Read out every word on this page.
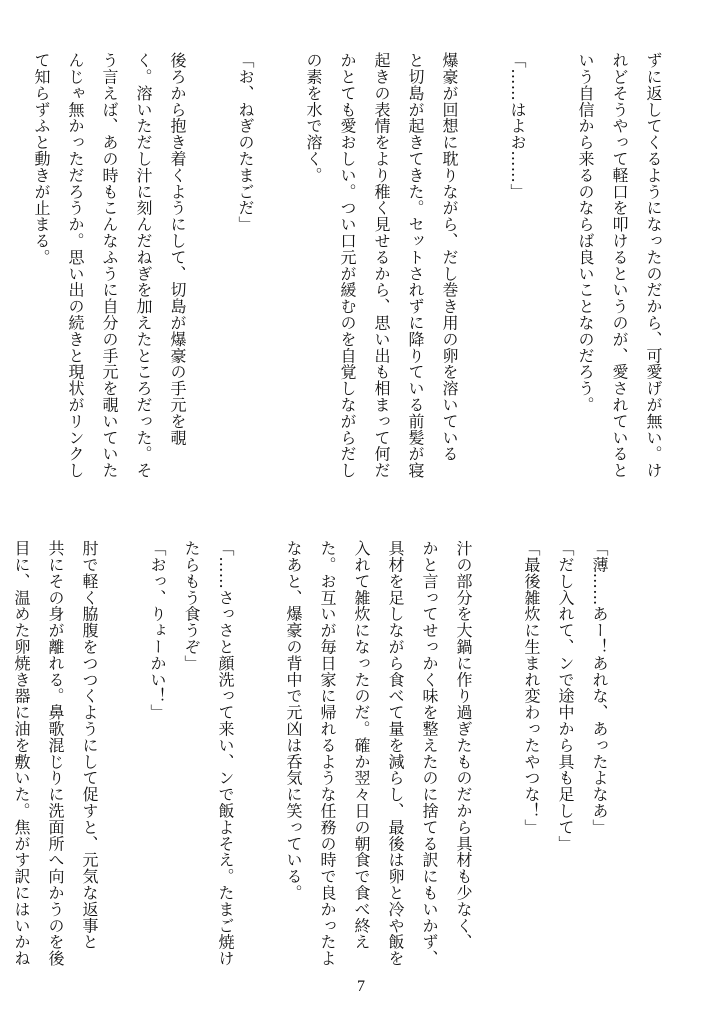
ずに返してくるようになったのだから、可愛げが無い。け

れどそうやって軽口を叩けるというのが、愛されていると

いう自信から来るのならば良いことなのだろう。

「……はよお……」

爆豪が回想に耽りながら、だし巻き用の卵を溶いている

と切島が起きてきた。セットされずに降りている前髪が寝

起きの表情をより稚く見せるから、思い出も相まって何だ

かとても愛おしい。つい口元が緩むのを自覚しながらだし

の素を水で溶く。

「お、ねぎのたまごだ」

後ろから抱き着くようにして、切島が爆豪の手元を覗

く。溶いただし汁に刻んだねぎを加えたところだった。そ

う言えば、あの時もこんなふうに自分の手元を覗いていた

んじゃ無かっただろうか。思い出の続きと現状がリンクし

て知らずふと動きが止まる。

「薄……あー！あれな、あったよなあ」

「だし入れて、ンで途中から具も足して」

「最後雑炊に生まれ変わったやつな！」

汁の部分を大鍋に作り過ぎたものだから具材も少なく、

かと言ってせっかく味を整えたのに捨てる訳にもいかず、

具材を足しながら食べて量を減らし、最後は卵と冷や飯を

入れて雑炊になったのだ。確か翌々日の朝食で食べ終え

た。お互いが毎日家に帰れるような任務の時で良かったよ

なあと、爆豪の背中で元凶は呑気に笑っている。

「……さっさと顔洗って来い、ンで飯よそえ。たまご焼け

たらもう食うぞ」

「おっ、りょーかい！」

肘で軽く脇腹をつつくようにして促すと、元気な返事と

共にその身が離れる。鼻歌混じりに洗面所へ向かうのを後

目に、温めた卵焼き器に油を敷いた。焦がす訳にはいかね

7
